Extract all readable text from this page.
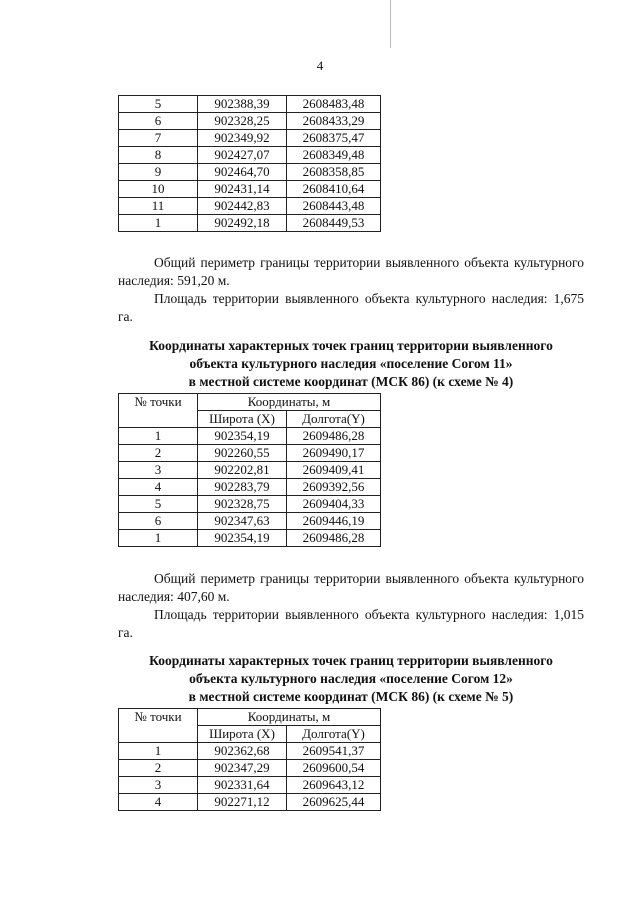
4
5	902388,39	2608483,48
6	902328,25	2608433,29
7	902349,92	2608375,47
8	902427,07	2608349,48
9	902464,70	2608358,85
10	902431,14	2608410,64
11	902442,83	2608443,48
1	902492,18	2608449,53
Общий периметр границы территории выявленного объекта культурного наследия: 591,20 м.
Площадь территории выявленного объекта культурного наследия: 1,675 га.
Координаты характерных точек границ территории выявленного
объекта культурного наследия «поселение Согом 11»
в местной системе координат (МСК 86) (к схеме № 4)
№ точки	Координаты, м	
	Широта (X)	Долгота(Y)
1	902354,19	2609486,28
2	902260,55	2609490,17
3	902202,81	2609409,41
4	902283,79	2609392,56
5	902328,75	2609404,33
6	902347,63	2609446,19
1	902354,19	2609486,28
Общий периметр границы территории выявленного объекта культурного наследия: 407,60 м.
Площадь территории выявленного объекта культурного наследия: 1,015 га.
Координаты характерных точек границ территории выявленного
объекта культурного наследия «поселение Согом 12»
в местной системе координат (МСК 86) (к схеме № 5)
№ точки	Координаты, м	
	Широта (X)	Долгота(Y)
1	902362,68	2609541,37
2	902347,29	2609600,54
3	902331,64	2609643,12
4	902271,12	2609625,44
